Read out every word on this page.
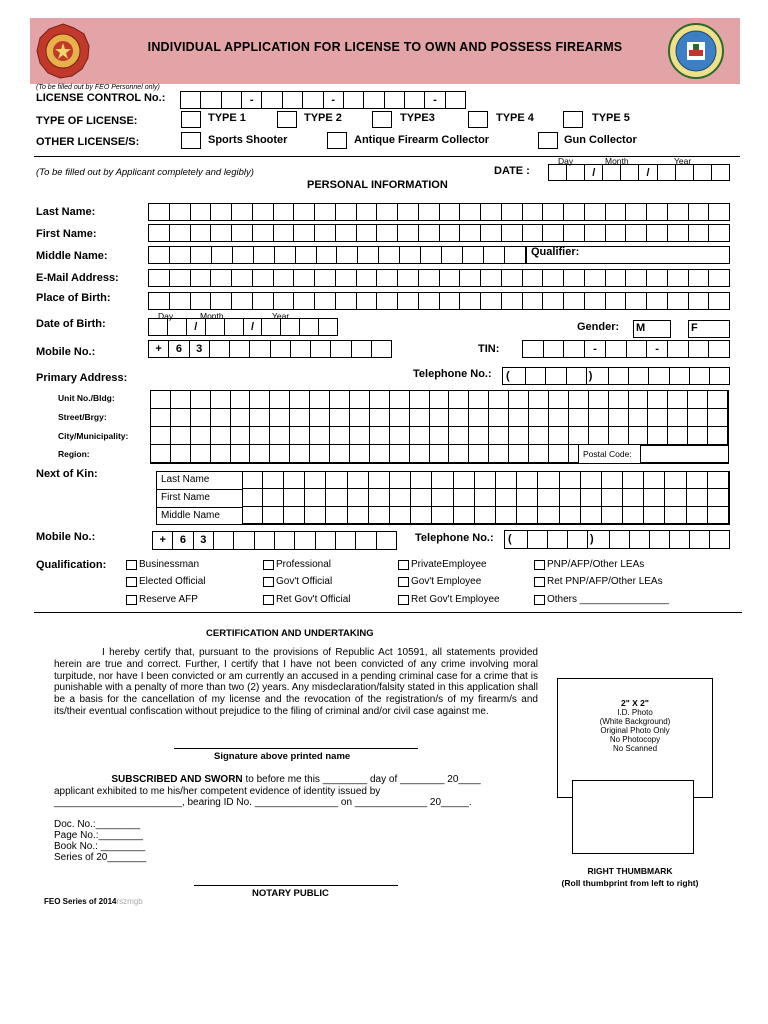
INDIVIDUAL APPLICATION FOR LICENSE TO OWN AND POSSESS FIREARMS
(To be filled out by FEO Personnel only)
LICENSE CONTROL No.:	-	-	-
TYPE OF LICENSE:	TYPE 1	TYPE 2	TYPE3	TYPE 4	TYPE 5
OTHER LICENSE/S:	Sports Shooter	Antique Firearm Collector	Gun Collector
(To be filled out by Applicant completely and legibly)
Day	Month	Year
DATE :	/	/
PERSONAL INFORMATION
Last Name:
First Name:
Middle Name:	Qualifier:
E-Mail Address:
Place of Birth:
Day	Month	Year
Date of Birth:	/	/	Gender: M	F
Mobile No.:	+	6	3	TIN:	-	-
Primary Address:	Telephone No.: (	)
Unit No./Bldg:
Street/Brgy:
City/Municipality:
Region:	Postal Code:
Next of Kin:	Last Name
First Name
Middle Name
Mobile No.:	+	6	3	Telephone No.: (	)
Qualification:	Businessman	Professional	PrivateEmployee	PNP/AFP/Other LEAs
Elected Official	Gov't Official	Gov't Employee	Ret PNP/AFP/Other LEAs
Reserve AFP	Ret Gov't Official	Ret Gov't Employee	Others ________________
CERTIFICATION AND UNDERTAKING
I hereby certify that, pursuant to the provisions of Republic Act 10591, all statements provided herein are true and correct. Further, I certify that I have not been convicted of any crime involving moral turpitude, nor have I been convicted or am currently an accused in a pending criminal case for a crime that is punishable with a penalty of more than two (2) years. Any misdeclaration/falsity stated in this application shall be a basis for the cancellation of my license and the revocation of the registration/s of my firearm/s and its/their eventual confiscation without prejudice to the filing of criminal and/or civil case against me.
Signature above printed name
SUBSCRIBED AND SWORN to before me this ________ day of ________ 20____
applicant exhibited to me his/her competent evidence of identity issued by
_______________________, bearing ID No. _______________ on _____________ 20_____.
Doc. No.:________
Page No.:________
Book No.: ________
Series of 20_______
NOTARY PUBLIC
FEO Series of 2014rszmgb
2" X 2"
I.D. Photo
(White Background)
Original Photo Only
No Photocopy
No Scanned
RIGHT THUMBMARK
(Roll thumbprint from left to right)
